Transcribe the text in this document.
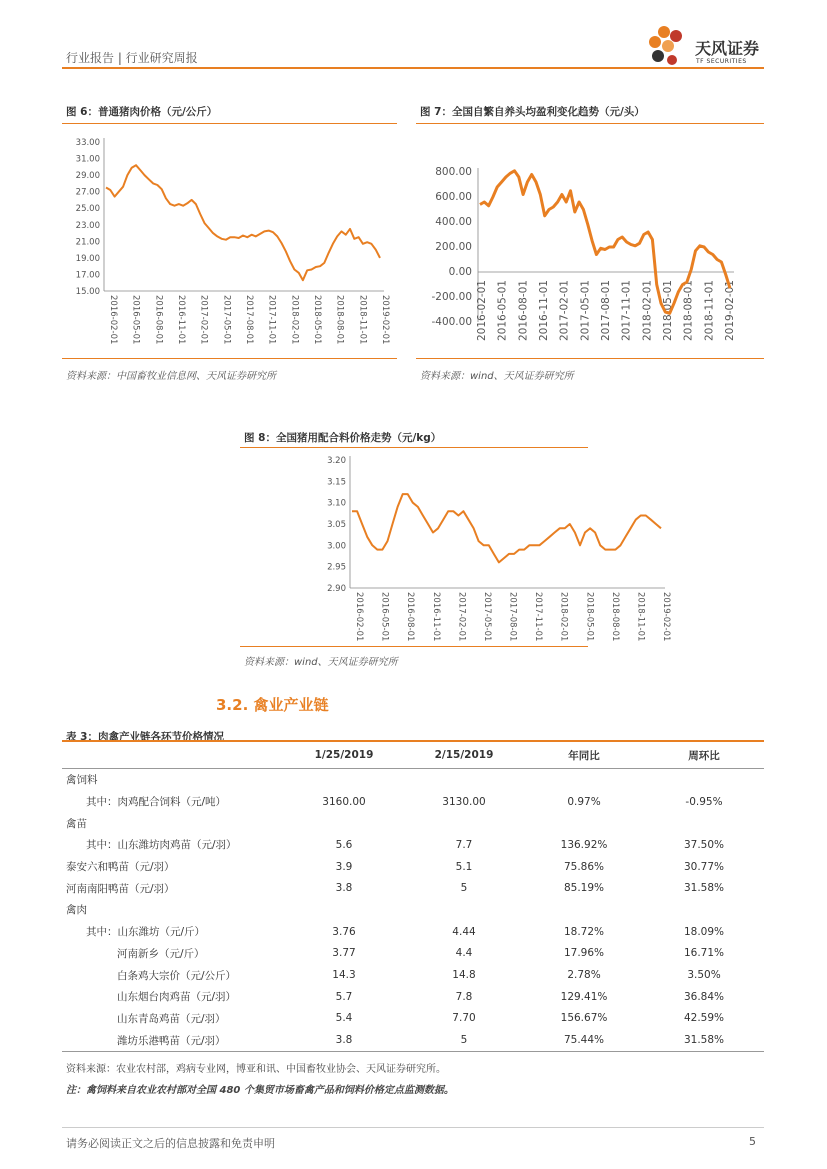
行业报告 | 行业研究周报	天风证券
TF SECURITIES
图 6：普通猪肉价格（元/公斤）
15.00
17.00
19.00
21.00
23.00
25.00
27.00
29.00
31.00
33.00
2016-02-01 2016-05-01 2016-08-01 2016-11-01 2017-02-01 2017-05-01 2017-08-01 2017-11-01 2018-02-01 2018-05-01 2018-08-01 2018-11-01 2019-02-01
资料来源：中国畜牧业信息网、天风证券研究所
图 7：全国自繁自养头均盈利变化趋势（元/头）
-400.00
-200.00
0.00
200.00
400.00
600.00
800.00
2016-02-01 2016-05-01 2016-08-01 2016-11-01 2017-02-01 2017-05-01 2017-08-01 2017-11-01 2018-02-01 2018-05-01 2018-08-01 2018-11-01 2019-02-01
资料来源：wind、天风证券研究所
图 8：全国猪用配合料价格走势（元/kg）
2.90
2.95
3.00
3.05
3.10
3.15
3.20
2016-02-01 2016-05-01 2016-08-01 2016-11-01 2017-02-01 2017-05-01 2017-08-01 2017-11-01 2018-02-01 2018-05-01 2018-08-01 2018-11-01 2019-02-01
资料来源：wind、天风证券研究所
3.2. 禽业产业链
表 3：肉禽产业链各环节价格情况
	1/25/2019	2/15/2019	年同比	周环比
禽饲料				
其中：肉鸡配合饲料（元/吨）	3160.00	3130.00	0.97%	-0.95%
禽苗				
其中：山东潍坊肉鸡苗（元/羽）	5.6	7.7	136.92%	37.50%
泰安六和鸭苗（元/羽）	3.9	5.1	75.86%	30.77%
河南南阳鸭苗（元/羽）	3.8	5	85.19%	31.58%
禽肉				
其中：山东潍坊（元/斤）	3.76	4.44	18.72%	18.09%
河南新乡（元/斤）	3.77	4.4	17.96%	16.71%
白条鸡大宗价（元/公斤）	14.3	14.8	2.78%	3.50%
山东烟台肉鸡苗（元/羽）	5.7	7.8	129.41%	36.84%
山东青岛鸡苗（元/羽）	5.4	7.70	156.67%	42.59%
潍坊乐港鸭苗（元/羽）	3.8	5	75.44%	31.58%
资料来源：农业农村部，鸡病专业网，博亚和讯、中国畜牧业协会、天风证券研究所。
注：禽饲料来自农业农村部对全国 480 个集贸市场畜禽产品和饲料价格定点监测数据。
请务必阅读正文之后的信息披露和免责申明	5
